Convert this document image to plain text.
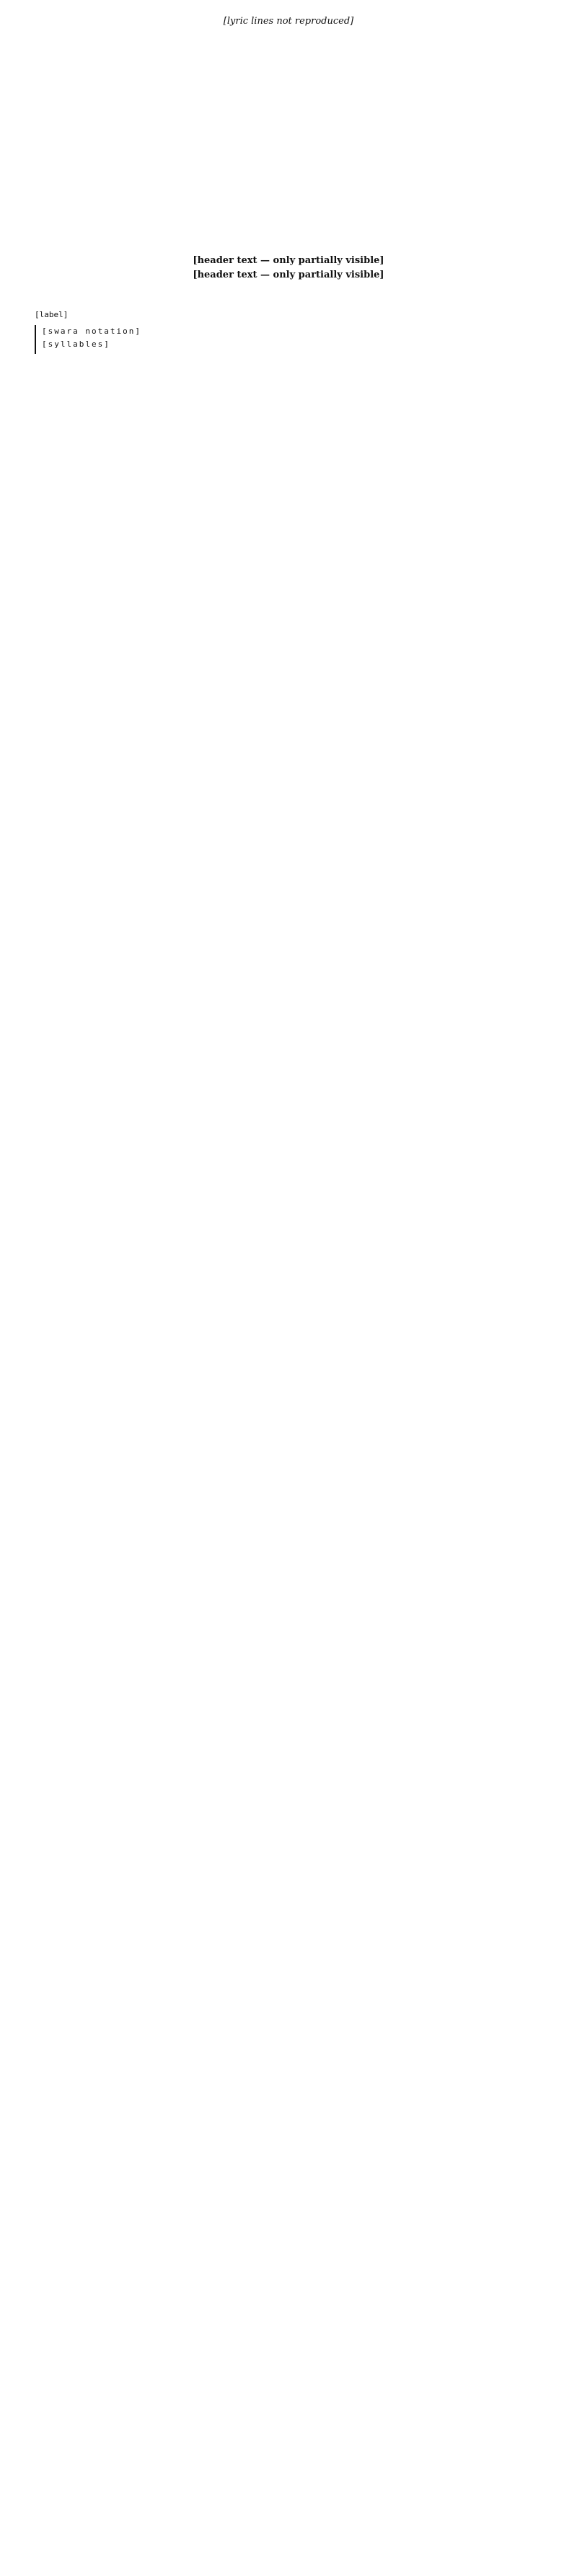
[lyric lines not reproduced]
[header text — only partially visible]
[header text — only partially visible]
[label]
[swara notation]
[syllables]
